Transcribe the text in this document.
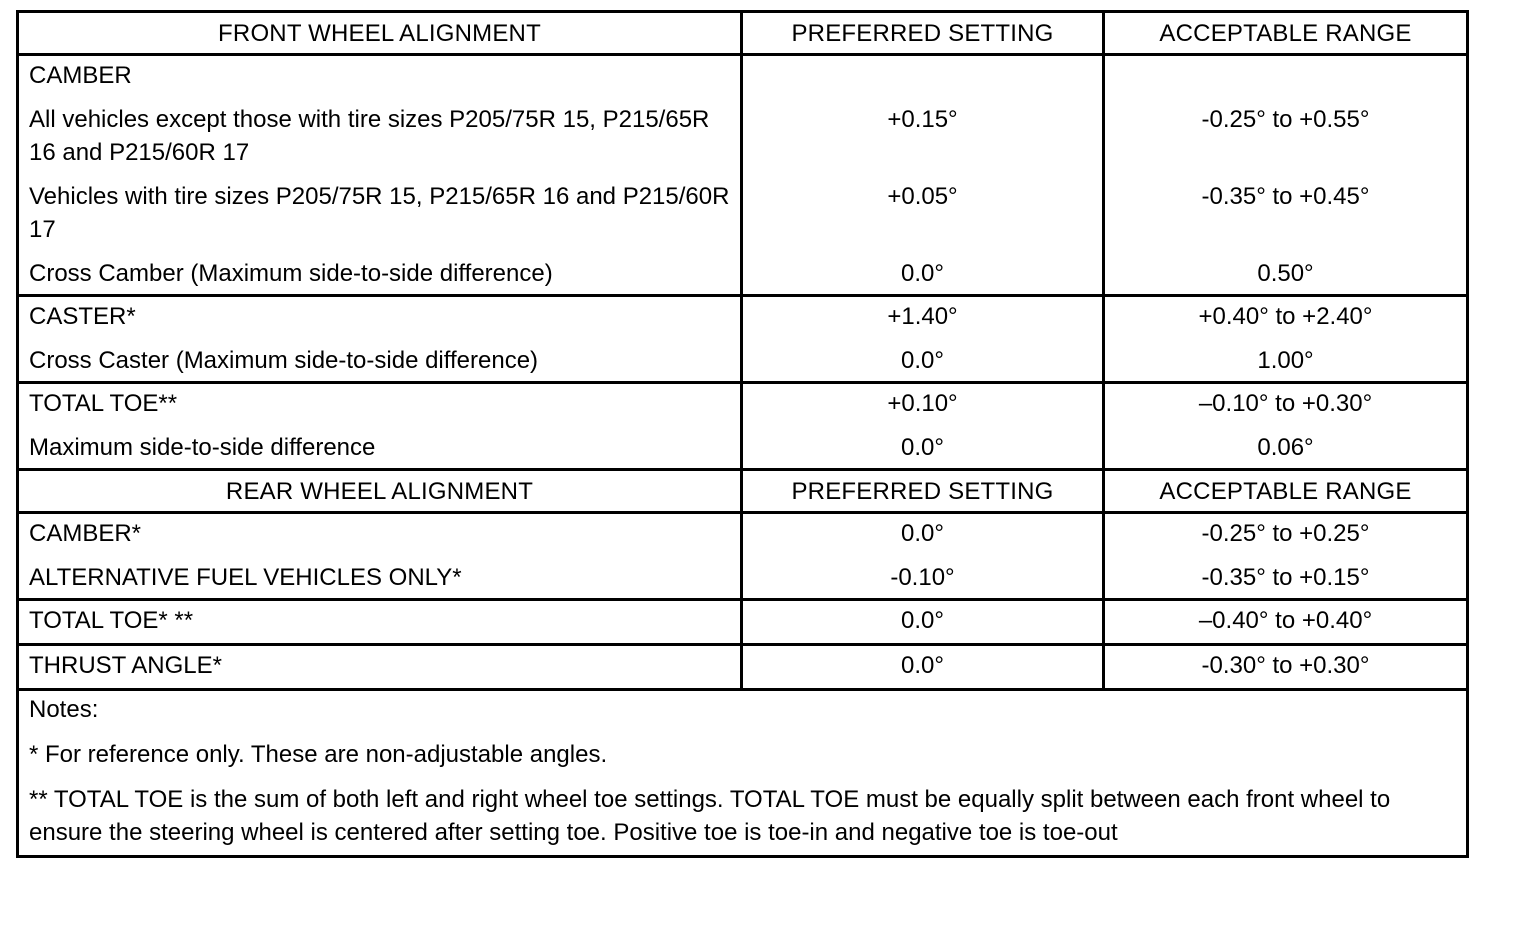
FRONT WHEEL ALIGNMENT	PREFERRED SETTING	ACCEPTABLE RANGE
CAMBER		
All vehicles except those with tire sizes P205/75R 15, P215/65R 16 and P215/60R 17	+0.15°	-0.25° to +0.55°
Vehicles with tire sizes P205/75R 15, P215/65R 16 and P215/60R 17	+0.05°	-0.35° to +0.45°
Cross Camber (Maximum side-to-side difference)	0.0°	0.50°
CASTER*	+1.40°	+0.40° to +2.40°
Cross Caster (Maximum side-to-side difference)	0.0°	1.00°
TOTAL TOE**	+0.10°	–0.10° to +0.30°
Maximum side-to-side difference	0.0°	0.06°
REAR WHEEL ALIGNMENT	PREFERRED SETTING	ACCEPTABLE RANGE
CAMBER*	0.0°	-0.25° to +0.25°
ALTERNATIVE FUEL VEHICLES ONLY*	-0.10°	-0.35° to +0.15°
TOTAL TOE* **	0.0°	–0.40° to +0.40°
THRUST ANGLE*	0.0°	-0.30° to +0.30°

Notes:

* For reference only. These are non-adjustable angles.

** TOTAL TOE is the sum of both left and right wheel toe settings. TOTAL TOE must be equally split between each front wheel to ensure the steering wheel is centered after setting toe. Positive toe is toe-in and negative toe is toe-out		
